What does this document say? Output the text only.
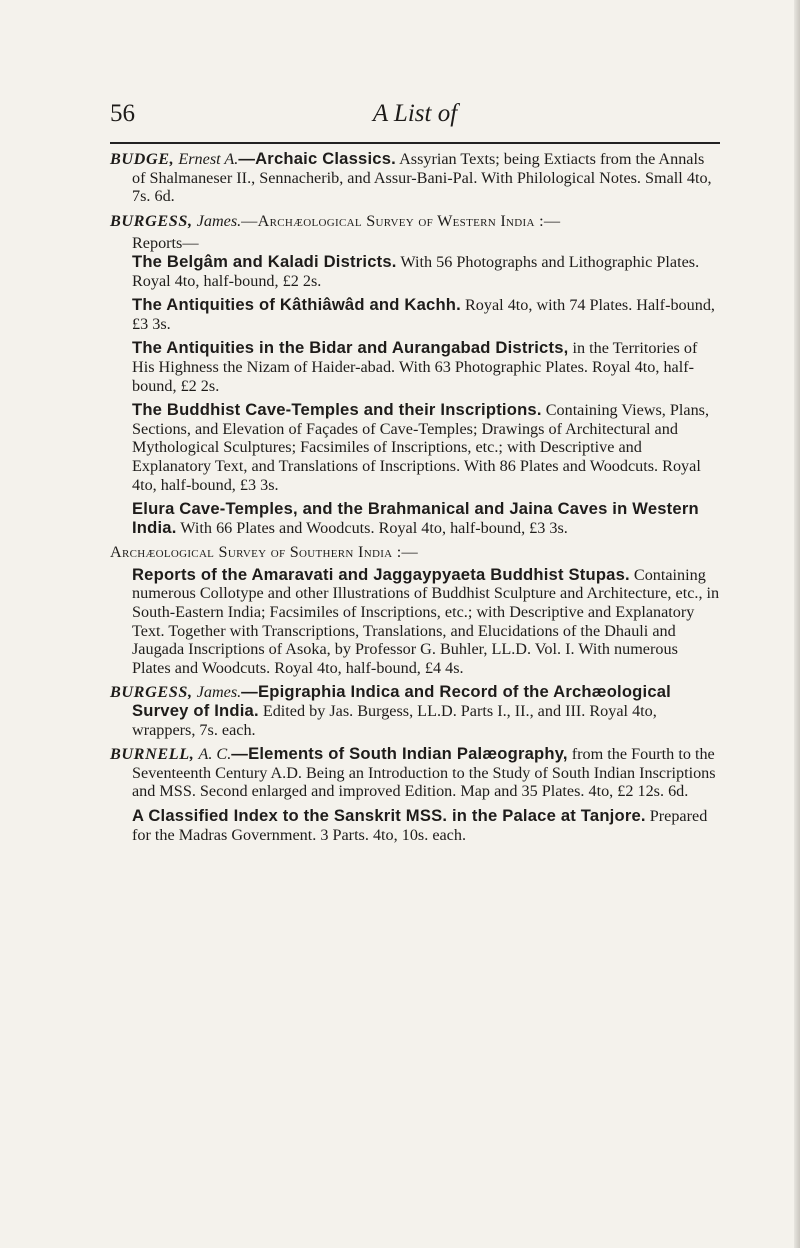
56	A List of

BUDGE, Ernest A.—Archaic Classics. Assyrian Texts; being Extiacts from the Annals of Shalmaneser II., Sennacherib, and Assur-Bani-Pal. With Philological Notes. Small 4to, 7s. 6d.

BURGESS, James.—Archæological Survey of Western India :—

Reports—

The Belgâm and Kaladi Districts. With 56 Photographs and Lithographic Plates. Royal 4to, half-bound, £2 2s.

The Antiquities of Kâthiâwâd and Kachh. Royal 4to, with 74 Plates. Half-bound, £3 3s.

The Antiquities in the Bidar and Aurangabad Districts, in the Territories of His Highness the Nizam of Haider-abad. With 63 Photographic Plates. Royal 4to, half-bound, £2 2s.

The Buddhist Cave-Temples and their Inscriptions. Containing Views, Plans, Sections, and Elevation of Façades of Cave-Temples; Drawings of Architectural and Mythological Sculptures; Facsimiles of Inscriptions, etc.; with Descriptive and Explanatory Text, and Translations of Inscriptions. With 86 Plates and Woodcuts. Royal 4to, half-bound, £3 3s.

Elura Cave-Temples, and the Brahmanical and Jaina Caves in Western India. With 66 Plates and Woodcuts. Royal 4to, half-bound, £3 3s.

Archæological Survey of Southern India :—

Reports of the Amaravati and Jaggaypyaeta Buddhist Stupas. Containing numerous Collotype and other Illustrations of Buddhist Sculpture and Architecture, etc., in South-Eastern India; Facsimiles of Inscriptions, etc.; with Descriptive and Explanatory Text. Together with Transcriptions, Translations, and Elucidations of the Dhauli and Jaugada Inscriptions of Asoka, by Professor G. Buhler, LL.D. Vol. I. With numerous Plates and Woodcuts. Royal 4to, half-bound, £4 4s.

BURGESS, James.—Epigraphia Indica and Record of the Archæological Survey of India. Edited by Jas. Burgess, LL.D. Parts I., II., and III. Royal 4to, wrappers, 7s. each.

BURNELL, A. C.—Elements of South Indian Palæography, from the Fourth to the Seventeenth Century A.D. Being an Introduction to the Study of South Indian Inscriptions and MSS. Second enlarged and improved Edition. Map and 35 Plates. 4to, £2 12s. 6d.

A Classified Index to the Sanskrit MSS. in the Palace at Tanjore. Prepared for the Madras Government. 3 Parts. 4to, 10s. each.
